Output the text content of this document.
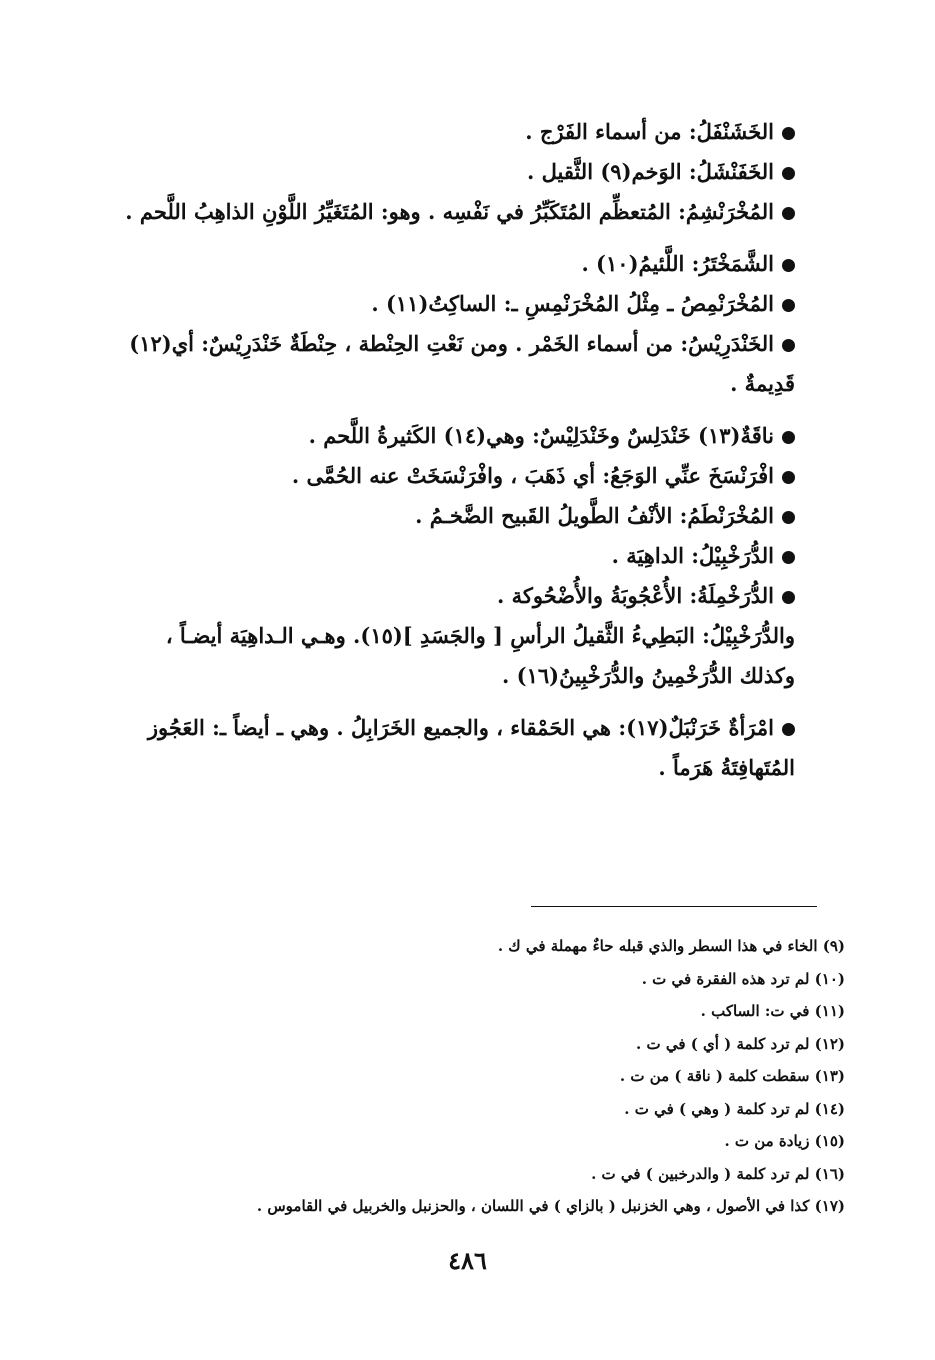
الخَشَنْفَلُ: من أسماء الفَرْج .

الخَفَنْشَلُ: الوَخم(٩) الثَّقيل .

المُخْرَنْشِمُ: المُتعظِّم المُتَكَبِّرُ في نَفْسِه . وهو: المُتَغَيِّرُ اللَّوْنِ الذاهِبُ اللَّحم .

الشَّمَخْتَرُ: اللَّئيمُ(١٠) .

المُخْرَنْمِصُ ـ مِثْلُ المُخْرَنْمِسِ ـ: الساكِتُ(١١) .

الخَنْدَرِيْسُ: من أسماء الخَمْر . ومن نَعْتِ الحِنْطة ، حِنْطَةٌ خَنْدَرِيْسٌ: أي(١٢) قَدِيمةٌ .

ناقَةٌ(١٣) خَنْدَلِسٌ وخَنْدَلِيْسٌ: وهي(١٤) الكَثيرةُ اللَّحم .

افْرَنْسَخَ عنِّي الوَجَعُ: أي ذَهَبَ ، وافْرَنْسَخَتْ عنه الحُمَّى .

المُخْرَنْطَمُ: الأنْفُ الطَّويلُ القَبيح الضَّخـمُ .

الدُّرَخْبِيْلُ: الداهِيَة .

الدُّرَخْمِلَةُ: الأُعْجُوبَةُ والأُضْحُوكة .

والدُّرَخْبِيْلُ: البَطِيءُ الثَّقيلُ الرأسِ [ والجَسَدِ ](١٥). وهـي الـداهِيَة أيضـاً ، وكذلك الدُّرَخْمِينُ والدُّرَخْبِينُ(١٦) .

امْرَأةٌ خَرَنْبَلٌ(١٧): هي الحَمْقاء ، والجميع الخَرَابِلُ . وهي ـ أيضاً ـ: العَجُوز المُتَهافِتَةُ هَرَماً .

(٩) الخاء في هذا السطر والذي قبله حاءٌ مهملة في ك .

(١٠) لم ترد هذه الفقرة في ت .

(١١) في ت: الساكب .

(١٢) لم ترد كلمة ( أي ) في ت .

(١٣) سقطت كلمة ( ناقة ) من ت .

(١٤) لم ترد كلمة ( وهي ) في ت .

(١٥) زيادة من ت .

(١٦) لم ترد كلمة ( والدرخبين ) في ت .

(١٧) كذا في الأصول ، وهي الخزنبل ( بالزاي ) في اللسان ، والحزنبل والخربيل في القاموس .

٤٨٦
